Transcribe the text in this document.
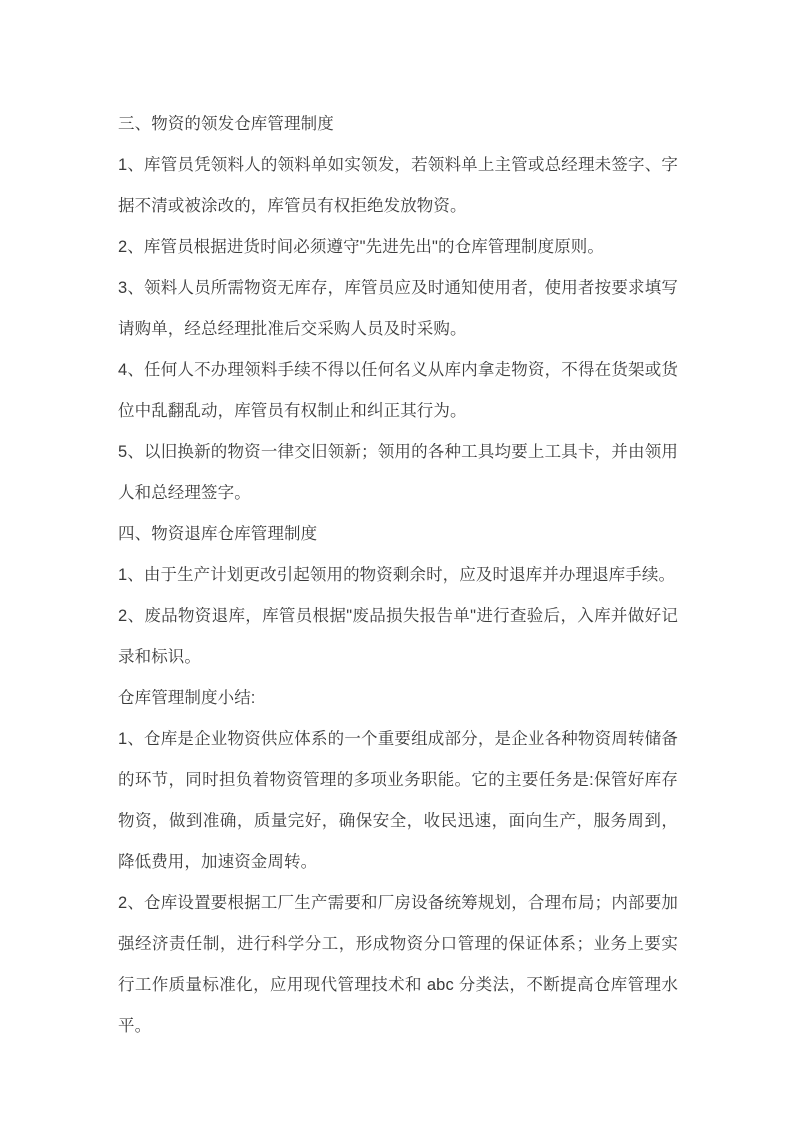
三、物资的领发仓库管理制度

1、库管员凭领料人的领料单如实领发，若领料单上主管或总经理未签字、字据不清或被涂改的，库管员有权拒绝发放物资。

2、库管员根据进货时间必须遵守"先进先出"的仓库管理制度原则。

3、领料人员所需物资无库存，库管员应及时通知使用者，使用者按要求填写请购单，经总经理批准后交采购人员及时采购。

4、任何人不办理领料手续不得以任何名义从库内拿走物资，不得在货架或货位中乱翻乱动，库管员有权制止和纠正其行为。

5、以旧换新的物资一律交旧领新；领用的各种工具均要上工具卡，并由领用人和总经理签字。

四、物资退库仓库管理制度

1、由于生产计划更改引起领用的物资剩余时，应及时退库并办理退库手续。

2、废品物资退库，库管员根据"废品损失报告单"进行查验后，入库并做好记录和标识。

仓库管理制度小结:

1、仓库是企业物资供应体系的一个重要组成部分，是企业各种物资周转储备的环节，同时担负着物资管理的多项业务职能。它的主要任务是:保管好库存物资，做到准确，质量完好，确保安全，收民迅速，面向生产，服务周到，降低费用，加速资金周转。

2、仓库设置要根据工厂生产需要和厂房设备统筹规划，合理布局；内部要加强经济责任制，进行科学分工，形成物资分口管理的保证体系；业务上要实行工作质量标准化，应用现代管理技术和 abc 分类法，不断提高仓库管理水平。
